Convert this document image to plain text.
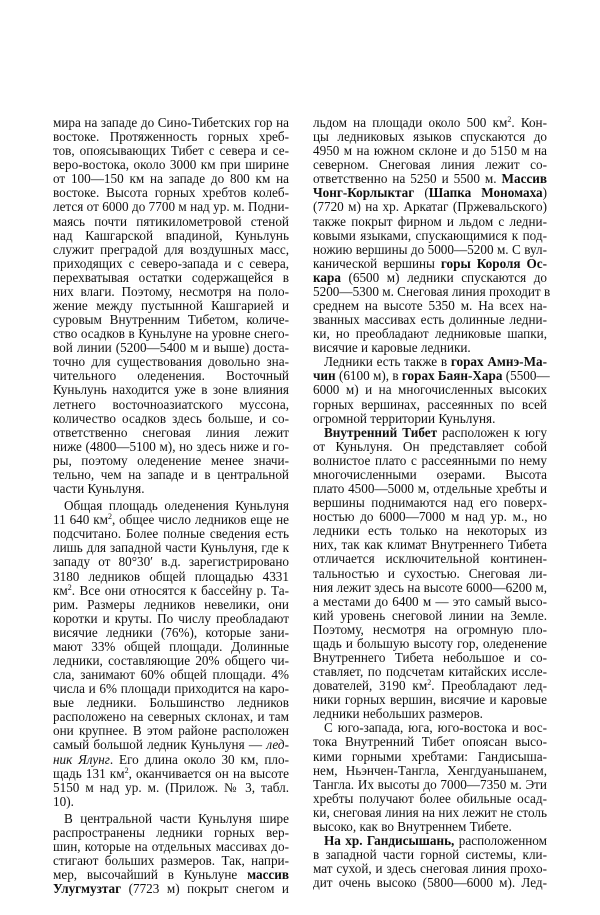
мира на западе до Сино-Тибетских гор на
востоке. Протяженность горных хреб-
тов, опоясывающих Тибет с севера и се-
веро-востока, около 3000 км при ширине
от 100—150 км на западе до 800 км на
востоке. Высота горных хребтов колеб-
лется от 6000 до 7700 м над ур. м. Подни-
маясь почти пятикилометровой стеной
над Кашгарской впадиной, Куньлунь
служит преградой для воздушных масс,
приходящих с северо-запада и с севера,
перехватывая остатки содержащейся в
них влаги. Поэтому, несмотря на поло-
жение между пустынной Кашгарией и
суровым Внутренним Тибетом, количе-
ство осадков в Куньлуне на уровне снего-
вой линии (5200—5400 м и выше) доста-
точно для существования довольно зна-
чительного оледенения. Восточный
Куньлунь находится уже в зоне влияния
летнего восточноазиатского муссона,
количество осадков здесь больше, и со-
ответственно снеговая линия лежит
ниже (4800—5100 м), но здесь ниже и го-
ры, поэтому оледенение менее значи-
тельно, чем на западе и в центральной
части Куньлуня.
Общая площадь оледенения Куньлуня
11 640 $км^2$, общее число ледников еще не
подсчитано. Более полные сведения есть
лишь для западной части Куньлуня, где к
западу от 80°30′ в.д. зарегистрировано
3180 ледников общей площадью 4331
$км^2$. Все они относятся к бассейну р. Та-
рим. Размеры ледников невелики, они
коротки и круты. По числу преобладают
висячие ледники (76%), которые зани-
мают 33% общей площади. Долинные
ледники, составляющие 20% общего чи-
сла, занимают 60% общей площади. 4%
числа и 6% площади приходится на каро-
вые ледники. Большинство ледников
расположено на северных склонах, и там
они крупнее. В этом районе расположен
самый большой ледник Куньлуня — лед-
ник Ялунг. Его длина около 30 км, пло-
щадь 131 $км^2$, оканчивается он на высоте
5150 м над ур. м. (Прилож. № 3, табл.
10).
В центральной части Куньлуня шире
распространены ледники горных вер-
шин, которые на отдельных массивах до-
стигают больших размеров. Так, напри-
мер, высочайший в Куньлуне массив
Улугмузтаг (7723 м) покрыт снегом и
льдом на площади около 500 $км^2$. Кон-
цы ледниковых языков спускаются до
4950 м на южном склоне и до 5150 м на
северном. Снеговая линия лежит со-
ответственно на 5250 и 5500 м. Массив
Чонг-Корлыктаг (Шапка Мономаха)
(7720 м) на хр. Аркатаг (Пржевальского)
также покрыт фирном и льдом с ледни-
ковыми языками, спускающимися к под-
ножию вершины до 5000—5200 м. С вул-
канической вершины горы Короля Ос-
кара (6500 м) ледники спускаются до
5200—5300 м. Снеговая линия проходит в
среднем на высоте 5350 м. На всех на-
званных массивах есть долинные ледни-
ки, но преобладают ледниковые шапки,
висячие и каровые ледники.
Ледники есть также в горах Амнэ-Ма-
чин (6100 м), в горах Баян-Хара (5500—
6000 м) и на многочисленных высоких
горных вершинах, рассеянных по всей
огромной территории Куньлуня.
Внутренний Тибет расположен к югу
от Куньлуня. Он представляет собой
волнистое плато с рассеянными по нему
многочисленными озерами. Высота
плато 4500—5000 м, отдельные хребты и
вершины поднимаются над его поверх-
ностью до 6000—7000 м над ур. м., но
ледники есть только на некоторых из
них, так как климат Внутреннего Тибета
отличается исключительной континен-
тальностью и сухостью. Снеговая ли-
ния лежит здесь на высоте 6000—6200 м,
а местами до 6400 м — это самый высо-
кий уровень снеговой линии на Земле.
Поэтому, несмотря на огромную пло-
щадь и большую высоту гор, оледенение
Внутреннего Тибета небольшое и со-
ставляет, по подсчетам китайских иссле-
дователей, 3190 $км^2$. Преобладают лед-
ники горных вершин, висячие и каровые
ледники небольших размеров.
С юго-запада, юга, юго-востока и вос-
тока Внутренний Тибет опоясан высо-
кими горными хребтами: Гандисыша-
нем, Ньэнчен-Тангла, Хенгдуаньшанем,
Тангла. Их высоты до 7000—7350 м. Эти
хребты получают более обильные осад-
ки, снеговая линия на них лежит не столь
высоко, как во Внутреннем Тибете.
На хр. Гандисышань, расположенном
в западной части горной системы, кли-
мат сухой, и здесь снеговая линия прохо-
дит очень высоко (5800—6000 м). Лед-
